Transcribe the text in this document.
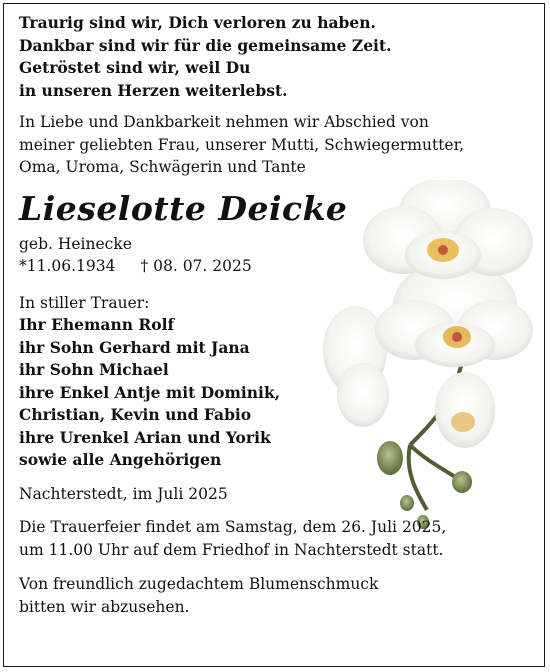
Traurig sind wir, Dich verloren zu haben.
Dankbar sind wir für die gemeinsame Zeit.
Getröstet sind wir, weil Du
in unseren Herzen weiterlebst.
In Liebe und Dankbarkeit nehmen wir Abschied von
meiner geliebten Frau, unserer Mutti, Schwiegermutter,
Oma, Uroma, Schwägerin und Tante
Lieselotte Deicke
geb. Heinecke
*11.06.1934 † 08. 07. 2025
In stiller Trauer:
Ihr Ehemann Rolf
ihr Sohn Gerhard mit Jana
ihr Sohn Michael
ihre Enkel Antje mit Dominik,
Christian, Kevin und Fabio
ihre Urenkel Arian und Yorik
sowie alle Angehörigen
Nachterstedt, im Juli 2025
Die Trauerfeier findet am Samstag, dem 26. Juli 2025,
um 11.00 Uhr auf dem Friedhof in Nachterstedt statt.
Von freundlich zugedachtem Blumenschmuck
bitten wir abzusehen.
